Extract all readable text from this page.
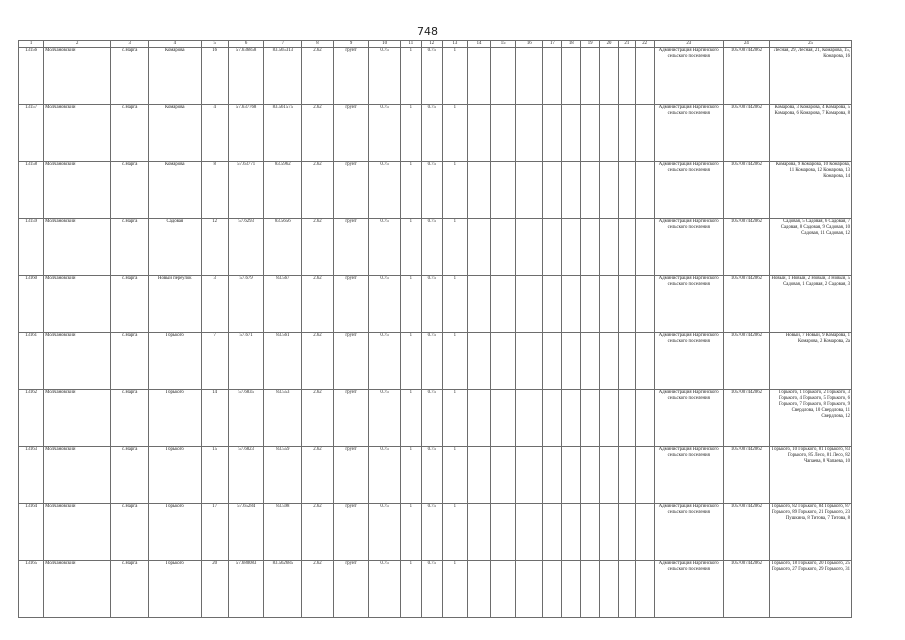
748
1	2	3	4	5	6	7	8	9	10	11	12	13	14	15	16	17	18	19	20	21	22	23	24	25
13156	Молчановский	с.Нарга	Комарова	16	57.636858	83.565313	2.62	грунт	0.75	1	0.75	1										Администрация Наргинского сельского поселения	1057007442062	Лесная, 29, Лесная, 21, Комарова, 15, Комарова, 16
13157	Молчановский	с.Нарга	Комарова	4	57.637768	83.561575	2.62	грунт	0.75	1	0.75	1										Администрация Наргинского сельского поселения	1057007442062	Комарова, 3 Комарова, 4 Комарова, 5 Комарова, 6 Комарова, 7 Комарова, 8
13158	Молчановский	с.Нарга	Комарова	8	57.63771	83.5962	2.62	грунт	0.75	1	0.75	1										Администрация Наргинского сельского поселения	1057007442062	Комарова, 9 Комарова, 10 Комарова, 11 Комарова, 12 Комарова, 13 Комарова, 14
13159	Молчановский	с.Нарга	Садовая	12	57.6293	83.5656	2.62	грунт	0.75	1	0.75	1										Администрация Наргинского сельского поселения	1057007442062	Садовая, 5 Садовая, 6 Садовая, 7 Садовая, 8 Садовая, 9 Садовая, 10 Садовая, 11 Садовая, 12
13160	Молчановский	с.Нарга	Новый переулок	3	57.679	83.567	2.62	грунт	0.75	1	0.75	1										Администрация Наргинского сельского поселения	1057007442062	Новый, 1 Новый, 2 Новый, 3 Новый, 5 Садовая, 1 Садовая, 2 Садовая, 3
13161	Молчановский	с.Нарга	Горького	7	57.671	83.561	2.62	грунт	0.75	1	0.75	1										Администрация Наргинского сельского поселения	1057007442062	Новый, 7 Новый, 9 Комарова, 1 Комарова, 2 Комарова, 2а
13162	Молчановский	с.Нарга	Горького	14	57.6835	83.553	2.62	грунт	0.75	1	0.75	1										Администрация Наргинского сельского поселения	1057007442062	Горького, 1 Горького, 2 Горького, 3 Горького, 4 Горького, 5 Горького, 6 Горького, 7 Горького, 8 Горького, 9 Свердлова, 10 Свердлова, 11 Свердлова, 12
13163	Молчановский	с.Нарга	Горького	15	57.6823	83.559	2.62	грунт	0.75	1	0.75	1										Администрация Наргинского сельского поселения	1057007442062	Горького, 10 Горького, 81 Горького, 83 Горького, 85 Лесо, 81 Лесо, 82 Чапаева, 8 Чапаева, 10
13164	Молчановский	с.Нарга	Горького	17	57.65284	83.598	2.62	грунт	0.75	1	0.75	1										Администрация Наргинского сельского поселения	1057007442062	Горького, 82 Горького, 84 Горького, 87 Горького, 89 Горького, 21 Горького, 23 Пушкина, 8 Титова, 7 Титова, 8
13165	Молчановский	с.Нарга	Горького	20	57.680083	83.562685	2.62	грунт	0.75	1	0.75	1										Администрация Наргинского сельского поселения	1057007442062	Горького, 18 Горького, 20 Горького, 25 Горького, 27 Горького, 29 Горького, 31
